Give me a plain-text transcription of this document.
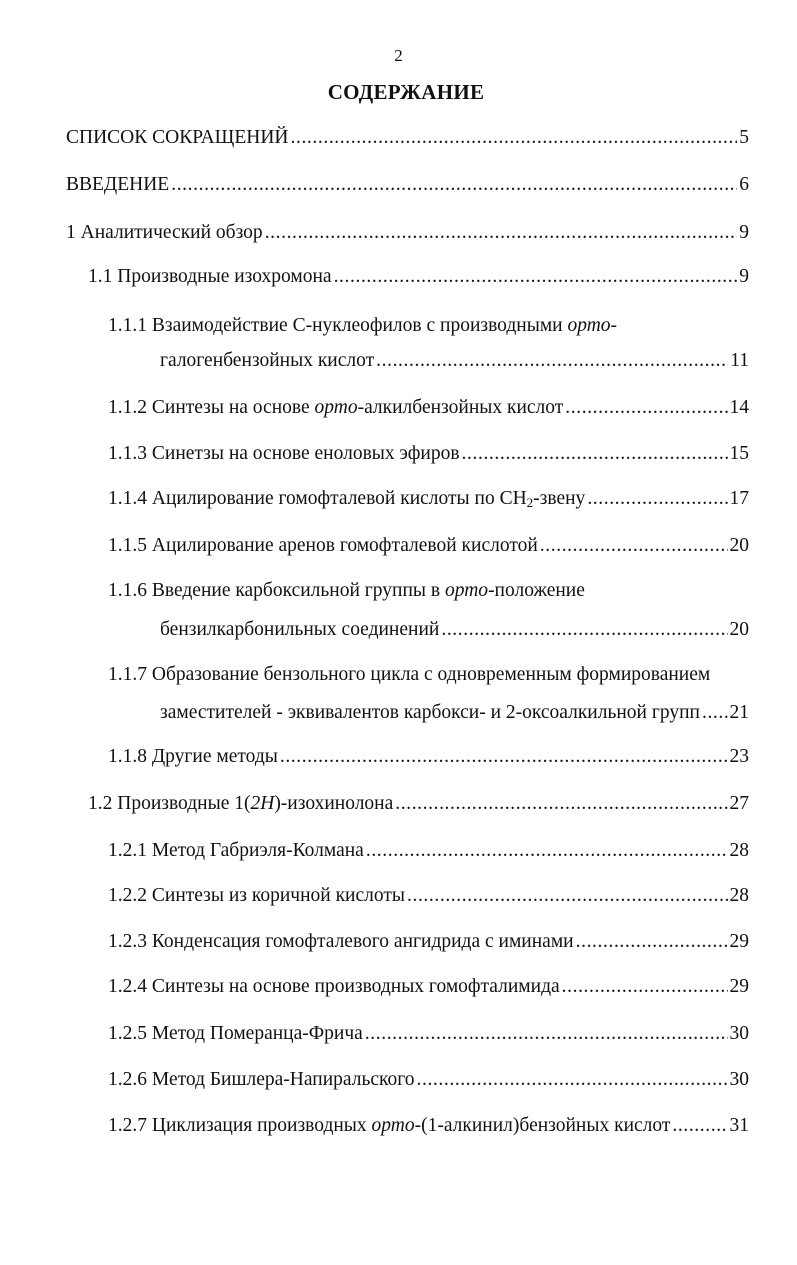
2
СОДЕРЖАНИЕ
СПИСОК СОКРАЩЕНИЙ .....	5
ВВЕДЕНИЕ .....	6
1 Аналитический обзор .....	9
1.1 Производные изохромона .....	9
1.1.1 Взаимодействие С-нуклеофилов с производными орто-
галогенбензойных кислот .....	11
1.1.2 Синтезы на основе орто-алкилбензойных кислот .....	14
1.1.3 Синетзы на основе еноловых эфиров .....	15
1.1.4 Ацилирование гомофталевой кислоты по $CH_2$-звену .....	17
1.1.5 Ацилирование аренов гомофталевой кислотой .....	20
1.1.6 Введение карбоксильной группы в орто-положение
бензилкарбонильных соединений .....	20
1.1.7 Образование бензольного цикла с одновременным формированием
заместителей - эквивалентов карбокси- и 2-оксоалкильной групп ..... 21
1.1.8 Другие методы .....	23
1.2 Производные 1(2H)-изохинолона .....	27
1.2.1 Метод Габриэля-Колмана .....	28
1.2.2 Синтезы из коричной кислоты .....	28
1.2.3 Конденсация гомофталевого ангидрида с иминами .....	29
1.2.4 Синтезы на основе производных гомофталимида .....	29
1.2.5 Метод Померанца-Фрича .....	30
1.2.6 Метод Бишлера-Напиральского .....	30
1.2.7 Циклизация производных орто-(1-алкинил)бензойных кислот .....	31
